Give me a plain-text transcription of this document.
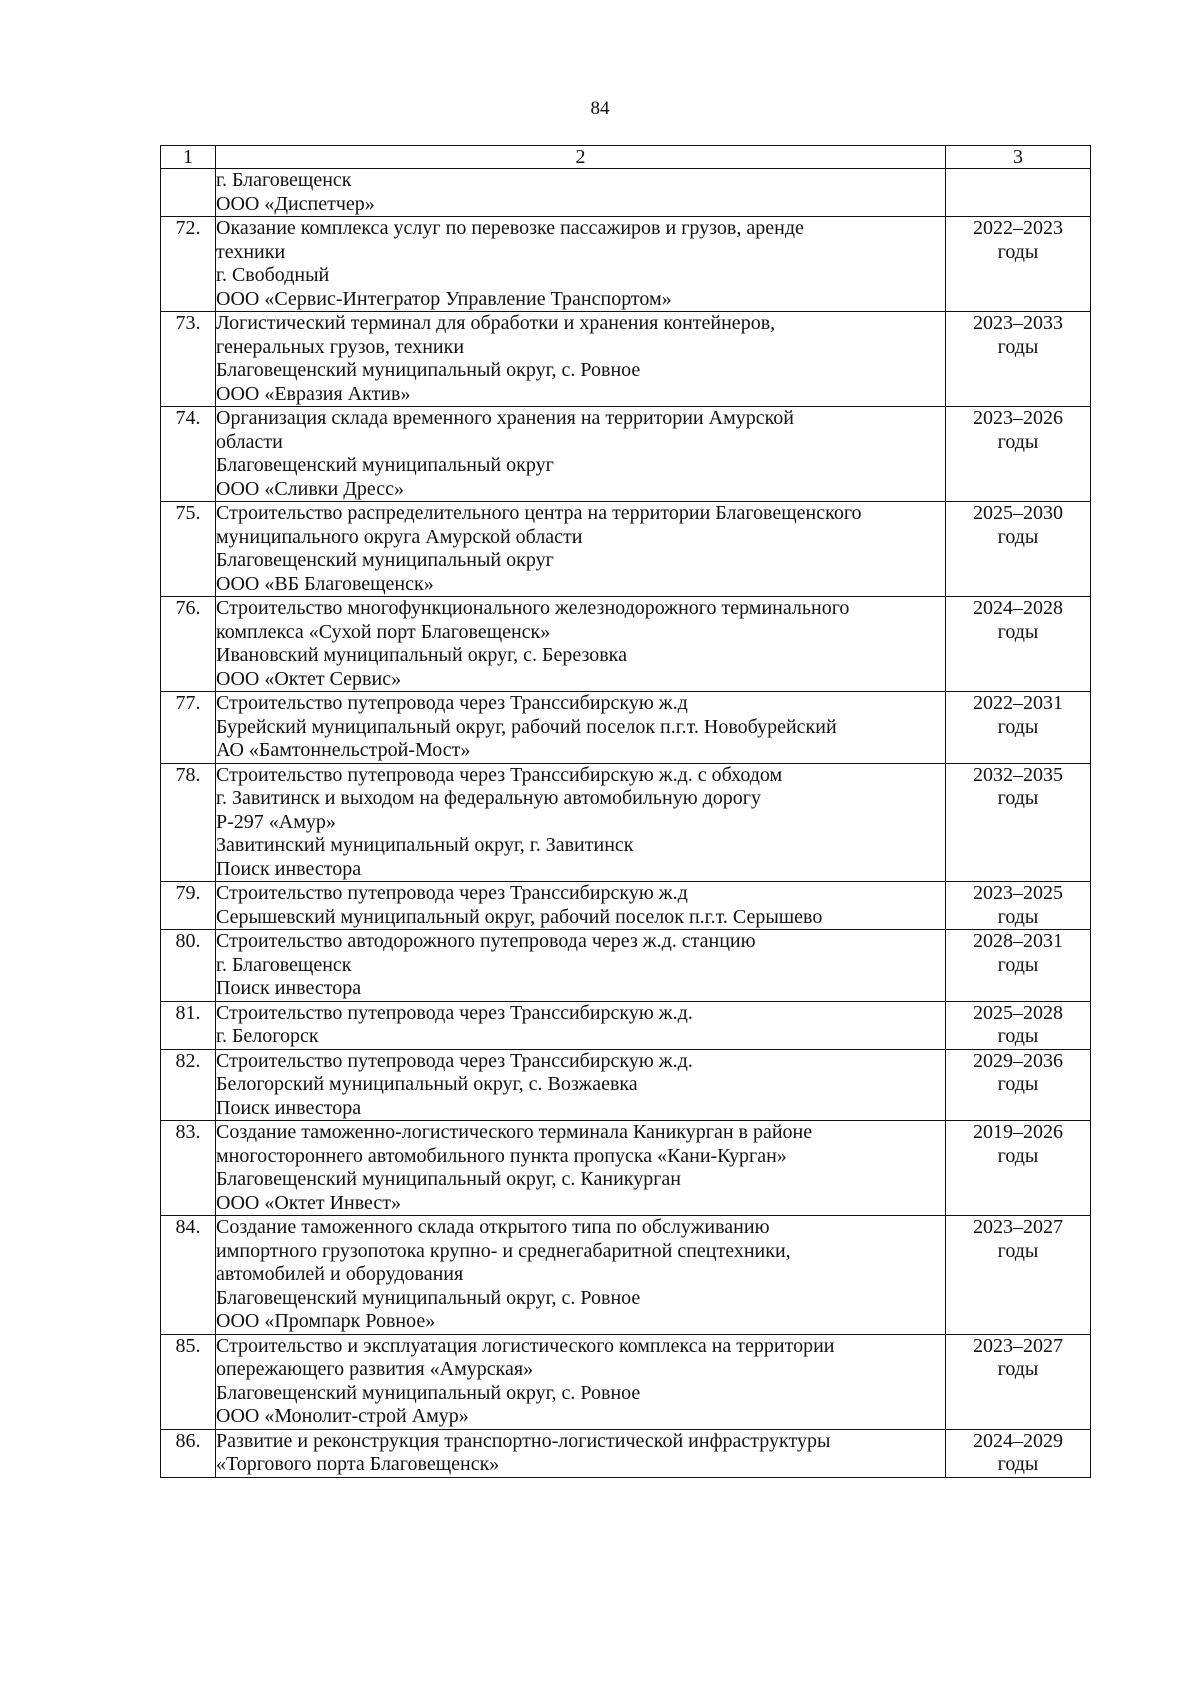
84
1	2	3

	г. Благовещенск
ООО «Диспетчер»	

72.	Оказание комплекса услуг по перевозке пассажиров и грузов, аренде
техники
г. Свободный
ООО «Сервис-Интегратор Управление Транспортом»	2022–2023
годы

73.	Логистический терминал для обработки и хранения контейнеров,
генеральных грузов, техники
Благовещенский муниципальный округ, с. Ровное
ООО «Евразия Актив»	2023–2033
годы

74.	Организация склада временного хранения на территории Амурской
области
Благовещенский муниципальный округ
ООО «Сливки Дресс»	2023–2026
годы

75.	Строительство распределительного центра на территории Благовещенского
муниципального округа Амурской области
Благовещенский муниципальный округ
ООО «ВБ Благовещенск»	2025–2030
годы

76.	Строительство многофункционального железнодорожного терминального
комплекса «Сухой порт Благовещенск»
Ивановский муниципальный округ, с. Березовка
ООО «Октет Сервис»	2024–2028
годы

77.	Строительство путепровода через Транссибирскую ж.д
Бурейский муниципальный округ, рабочий поселок п.г.т. Новобурейский
АО «Бамтоннельстрой-Мост»	2022–2031
годы

78.	Строительство путепровода через Транссибирскую ж.д. с обходом
г. Завитинск и выходом на федеральную автомобильную дорогу
Р-297 «Амур»
Завитинский муниципальный округ, г. Завитинск
Поиск инвестора	2032–2035
годы

79.	Строительство путепровода через Транссибирскую ж.д
Серышевский муниципальный округ, рабочий поселок п.г.т. Серышево	2023–2025
годы

80.	Строительство автодорожного путепровода через ж.д. станцию
г. Благовещенск
Поиск инвестора	2028–2031
годы

81.	Строительство путепровода через Транссибирскую ж.д.
г. Белогорск	2025–2028
годы

82.	Строительство путепровода через Транссибирскую ж.д.
Белогорский муниципальный округ, с. Возжаевка
Поиск инвестора	2029–2036
годы

83.	Создание таможенно-логистического терминала Каникурган в районе
многостороннего автомобильного пункта пропуска «Кани-Курган»
Благовещенский муниципальный округ, с. Каникурган
ООО «Октет Инвест»	2019–2026
годы

84.	Создание таможенного склада открытого типа по обслуживанию
импортного грузопотока крупно- и среднегабаритной спецтехники,
автомобилей и оборудования
Благовещенский муниципальный округ, с. Ровное
ООО «Промпарк Ровное»	2023–2027
годы

85.	Строительство и эксплуатация логистического комплекса на территории
опережающего развития «Амурская»
Благовещенский муниципальный округ, с. Ровное
ООО «Монолит-строй Амур»	2023–2027
годы

86.	Развитие и реконструкция транспортно-логистической инфраструктуры
«Торгового порта Благовещенск»	2024–2029
годы
